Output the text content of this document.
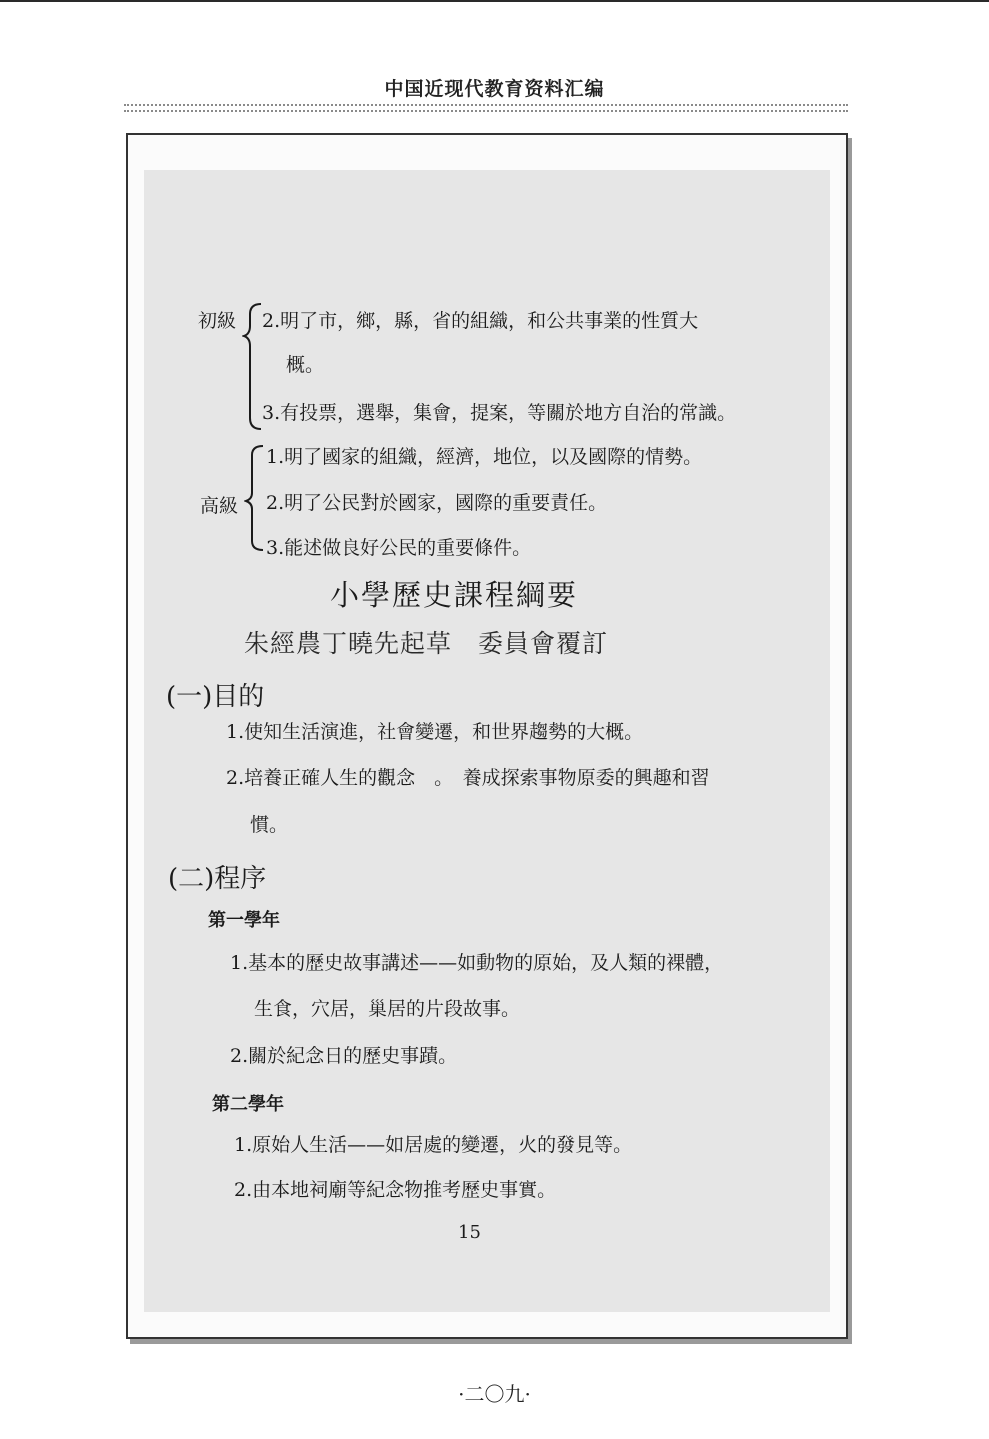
中国近现代教育资料汇编
初級 2.明了市，鄉，縣，省的組織，和公共事業的性質大
概。
3.有投票，選舉，集會，提案，等關於地方自治的常識。
高級
1.明了國家的組織，經濟，地位，以及國際的情勢。
2.明了公民對於國家，國際的重要責任。
3.能述做良好公民的重要條件。
小學歷史課程綱要
朱經農丁曉先起草　委員會覆訂
(一)目的
1.使知生活演進，社會變遷，和世界趨勢的大概。
2.培養正確人生的觀念　。　養成探索事物原委的興趣和習
慣。
(二)程序
第一學年
1.基本的歷史故事講述——如動物的原始，及人類的裸體，
生食，穴居，巢居的片段故事。
2.關於紀念日的歷史事蹟。
第二學年
1.原始人生活——如居處的變遷，火的發見等。
2.由本地祠廟等紀念物推考歷史事實。
15
·二〇九·
